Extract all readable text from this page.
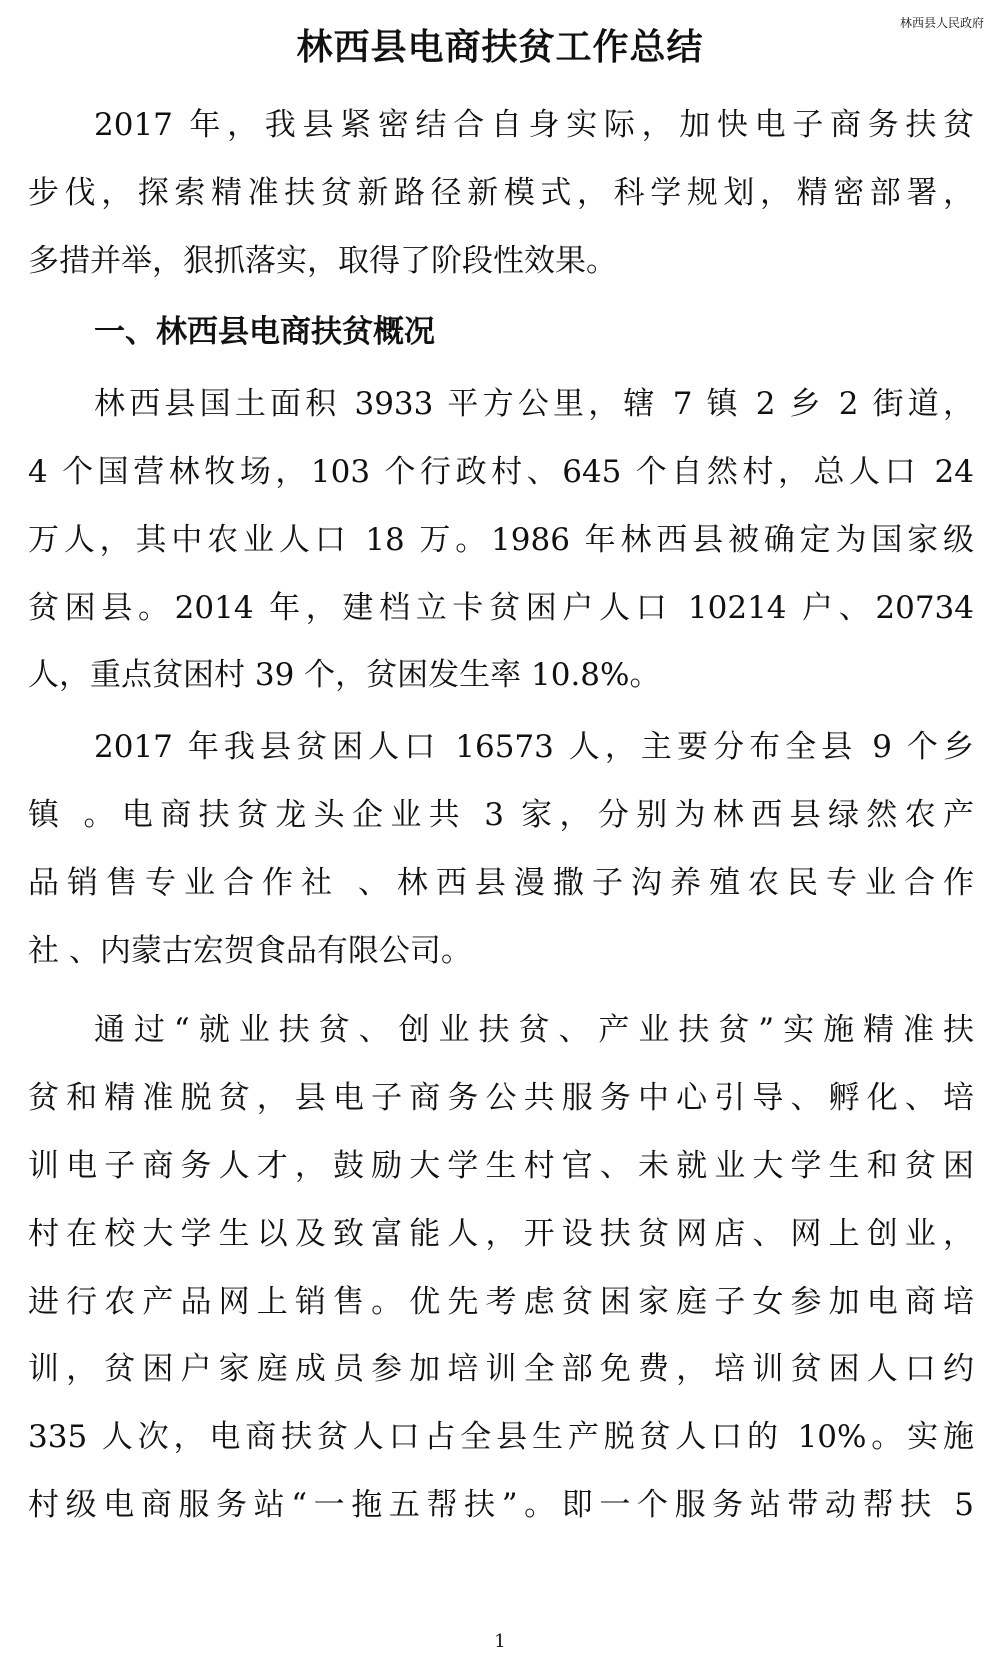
林西县人民政府
林西县电商扶贫工作总结
2017 年，我县紧密结合自身实际，加快电子商务扶贫
步伐，探索精准扶贫新路径新模式，科学规划，精密部署，
多措并举，狠抓落实，取得了阶段性效果。
一、林西县电商扶贫概况
林西县国土面积 3933 平方公里，辖 7 镇 2 乡 2 街道，
4 个国营林牧场，103 个行政村、645 个自然村，总人口 24
万人，其中农业人口 18 万。1986 年林西县被确定为国家级
贫困县。2014 年，建档立卡贫困户人口 10214 户、20734
人，重点贫困村 39 个，贫困发生率 10.8%。
2017 年我县贫困人口 16573 人，主要分布全县 9 个乡
镇 。电商扶贫龙头企业共 3 家，分别为林西县绿然农产
品销售专业合作社 、林西县漫撒子沟养殖农民专业合作
社 、内蒙古宏贺食品有限公司。
通过“就业扶贫、创业扶贫、产业扶贫”实施精准扶
贫和精准脱贫，县电子商务公共服务中心引导、孵化、培
训电子商务人才，鼓励大学生村官、未就业大学生和贫困
村在校大学生以及致富能人，开设扶贫网店、网上创业，
进行农产品网上销售。优先考虑贫困家庭子女参加电商培
训，贫困户家庭成员参加培训全部免费，培训贫困人口约
335 人次，电商扶贫人口占全县生产脱贫人口的 10%。实施
村级电商服务站“一拖五帮扶”。即一个服务站带动帮扶 5
1
